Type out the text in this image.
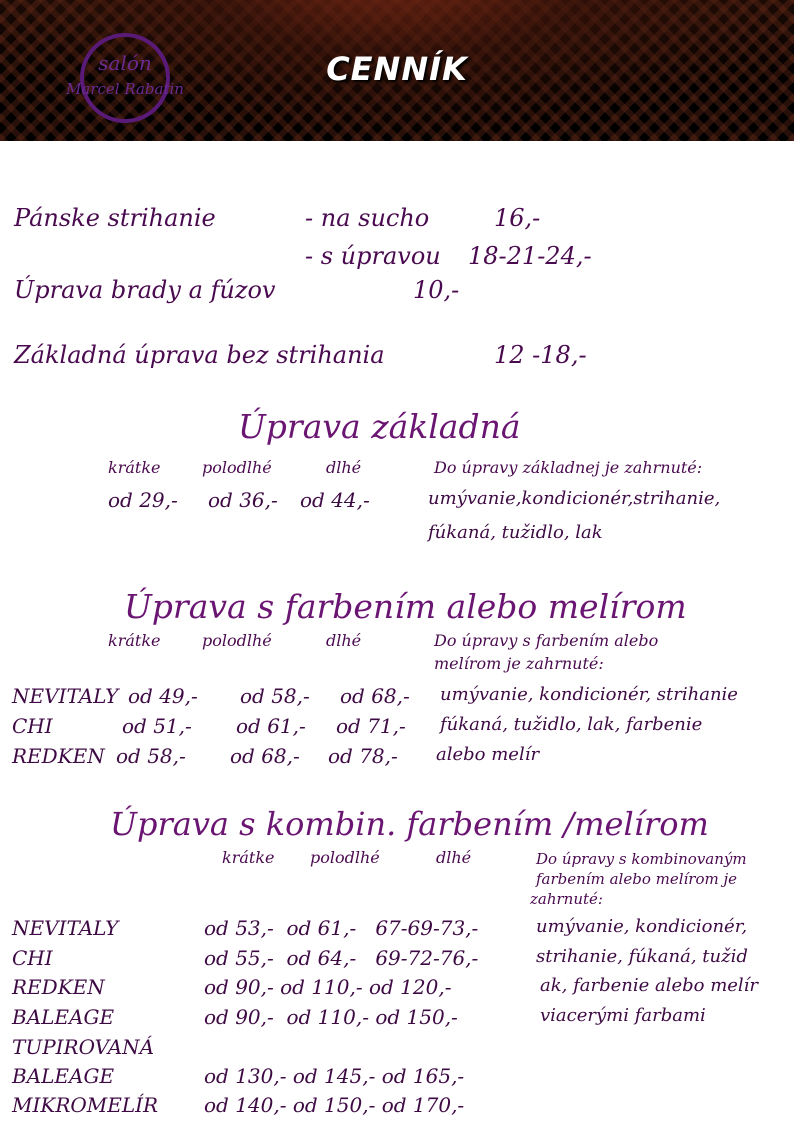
salón
Marcel Rabatin
CENNÍK
Pánske strihanie	- na sucho	16,-
- s úpravou 18-21-24,-
Úprava brady a fúzov	10,-
Základná úprava bez strihania	12 -18,-
Úprava základná
krátke	polodlhé	dlhé	Do úpravy základnej je zahrnuté:
od 29,- od 36,- od 44,-	umývanie,kondicionér,strihanie,
fúkaná, tužidlo, lak
Úprava s farbením alebo melírom
krátke	polodlhé	dlhé	Do úpravy s farbením alebo
melírom je zahrnuté:
NEVITALY od 49,- od 58,- od 68,- umývanie, kondicionér, strihanie
CHI	od 51,- od 61,- od 71,- fúkaná, tužidlo, lak, farbenie
REDKEN od 58,- od 68,- od 78,- alebo melír
Úprava s kombin. farbením /melírom
krátke polodlhé	dlhé	Do úpravy s kombinovaným
farbením alebo melírom je
zahrnuté:
NEVITALY	od 53,-  od 61,-   67-69-73,-	umývanie, kondicionér,
CHI	od 55,-  od 64,-   69-72-76,-	strihanie, fúkaná, tužid
REDKEN	od 90,- od 110,- od 120,-	ak, farbenie alebo melír
BALEAGE	od 90,-  od 110,- od 150,-	viacerými farbami
TUPIROVANÁ
BALEAGE	od 130,- od 145,- od 165,-
MIKROMELÍR od 140,- od 150,- od 170,-
